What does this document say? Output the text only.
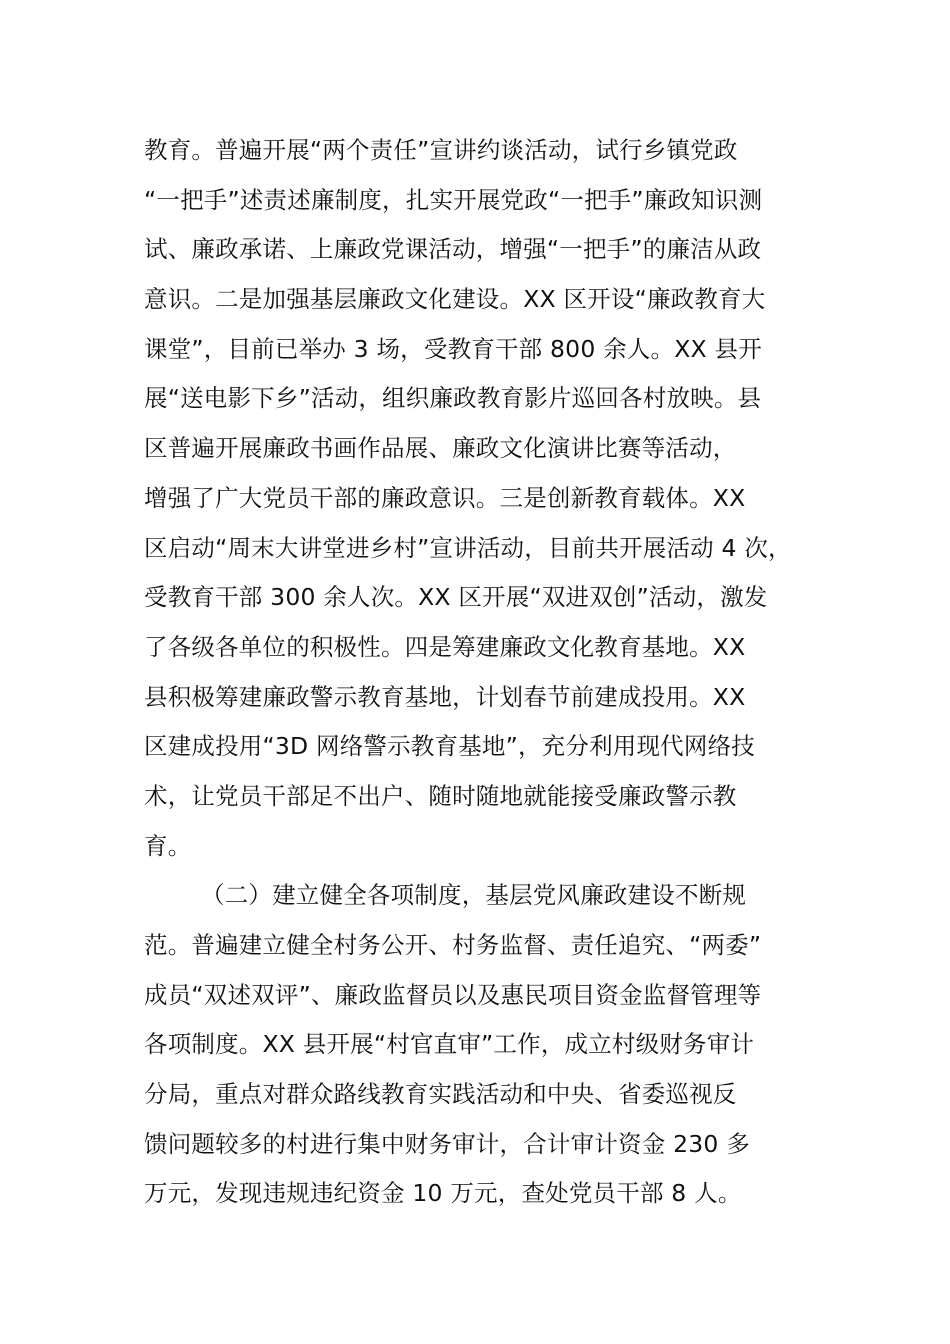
教育。普遍开展“两个责任”宣讲约谈活动，试行乡镇党政
“一把手”述责述廉制度，扎实开展党政“一把手”廉政知识测
试、廉政承诺、上廉政党课活动，增强“一把手”的廉洁从政
意识。二是加强基层廉政文化建设。XX 区开设“廉政教育大
课堂”，目前已举办 3 场，受教育干部 800 余人。XX 县开
展“送电影下乡”活动，组织廉政教育影片巡回各村放映。县
区普遍开展廉政书画作品展、廉政文化演讲比赛等活动，
增强了广大党员干部的廉政意识。三是创新教育载体。XX
区启动“周末大讲堂进乡村”宣讲活动，目前共开展活动 4 次，
受教育干部 300 余人次。XX 区开展“双进双创”活动，激发
了各级各单位的积极性。四是筹建廉政文化教育基地。XX
县积极筹建廉政警示教育基地，计划春节前建成投用。XX
区建成投用“3D 网络警示教育基地”，充分利用现代网络技
术，让党员干部足不出户、随时随地就能接受廉政警示教
育。
（二）建立健全各项制度，基层党风廉政建设不断规
范。普遍建立健全村务公开、村务监督、责任追究、“两委”
成员“双述双评”、廉政监督员以及惠民项目资金监督管理等
各项制度。XX 县开展“村官直审”工作，成立村级财务审计
分局，重点对群众路线教育实践活动和中央、省委巡视反
馈问题较多的村进行集中财务审计，合计审计资金 230 多
万元，发现违规违纪资金 10 万元，查处党员干部 8 人。
